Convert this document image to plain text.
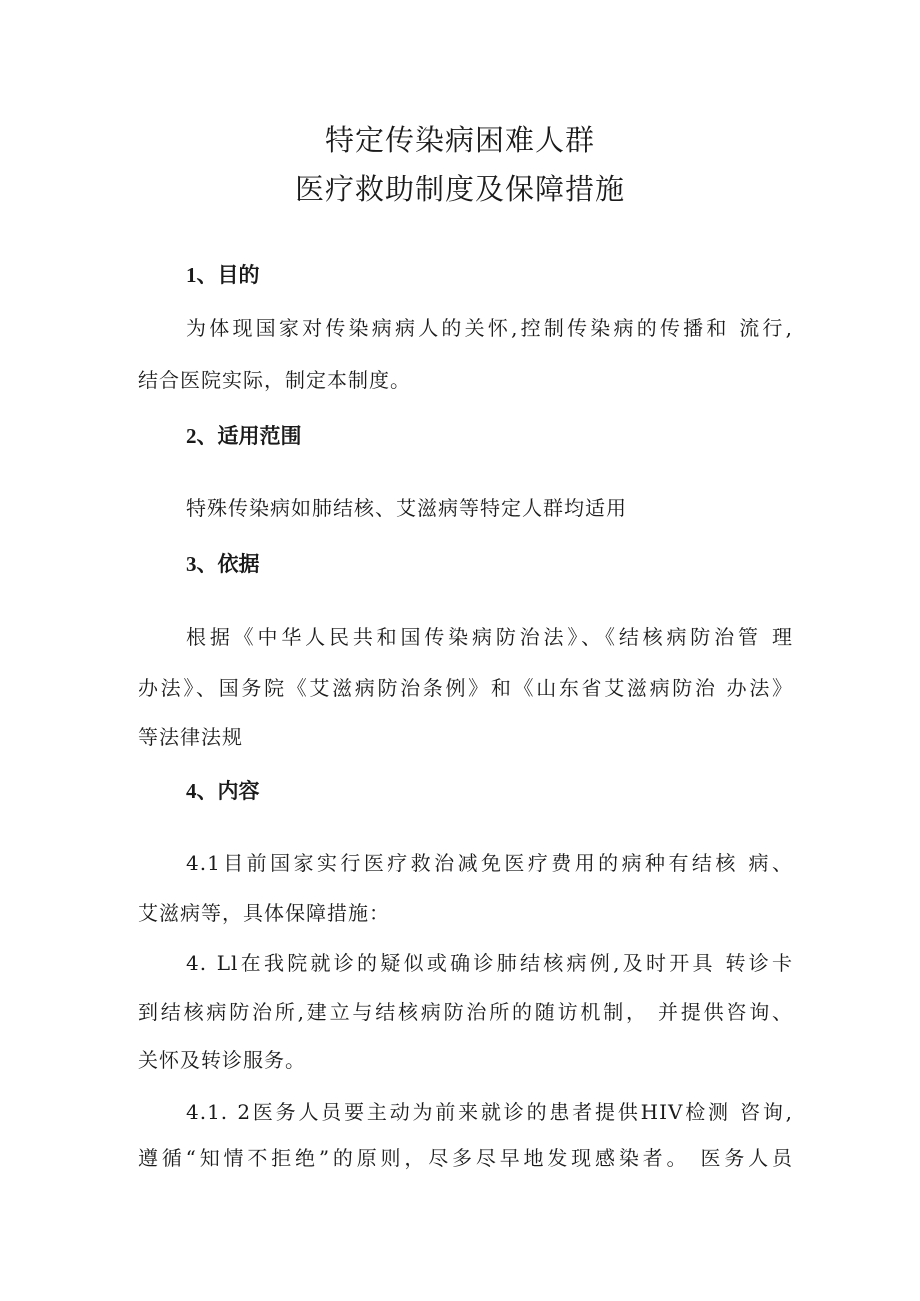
特定传染病困难人群
医疗救助制度及保障措施
1、目的

为体现国家对传染病病人的关怀,控制传染病的传播和 流行,

结合医院实际，制定本制度。

2、适用范围

特殊传染病如肺结核、艾滋病等特定人群均适用

3、依据

根据《中华人民共和国传染病防治法》、《结核病防治管 理

办法》、国务院《艾滋病防治条例》和《山东省艾滋病防治 办法》

等法律法规

4、内容

4.1目前国家实行医疗救治减免医疗费用的病种有结核 病、

艾滋病等，具体保障措施：

4. Ll在我院就诊的疑似或确诊肺结核病例,及时开具 转诊卡

到结核病防治所,建立与结核病防治所的随访机制， 并提供咨询、

关怀及转诊服务。

4.1. 2医务人员要主动为前来就诊的患者提供HIV检测 咨询,

遵循“知情不拒绝”的原则，尽多尽早地发现感染者。 医务人员
